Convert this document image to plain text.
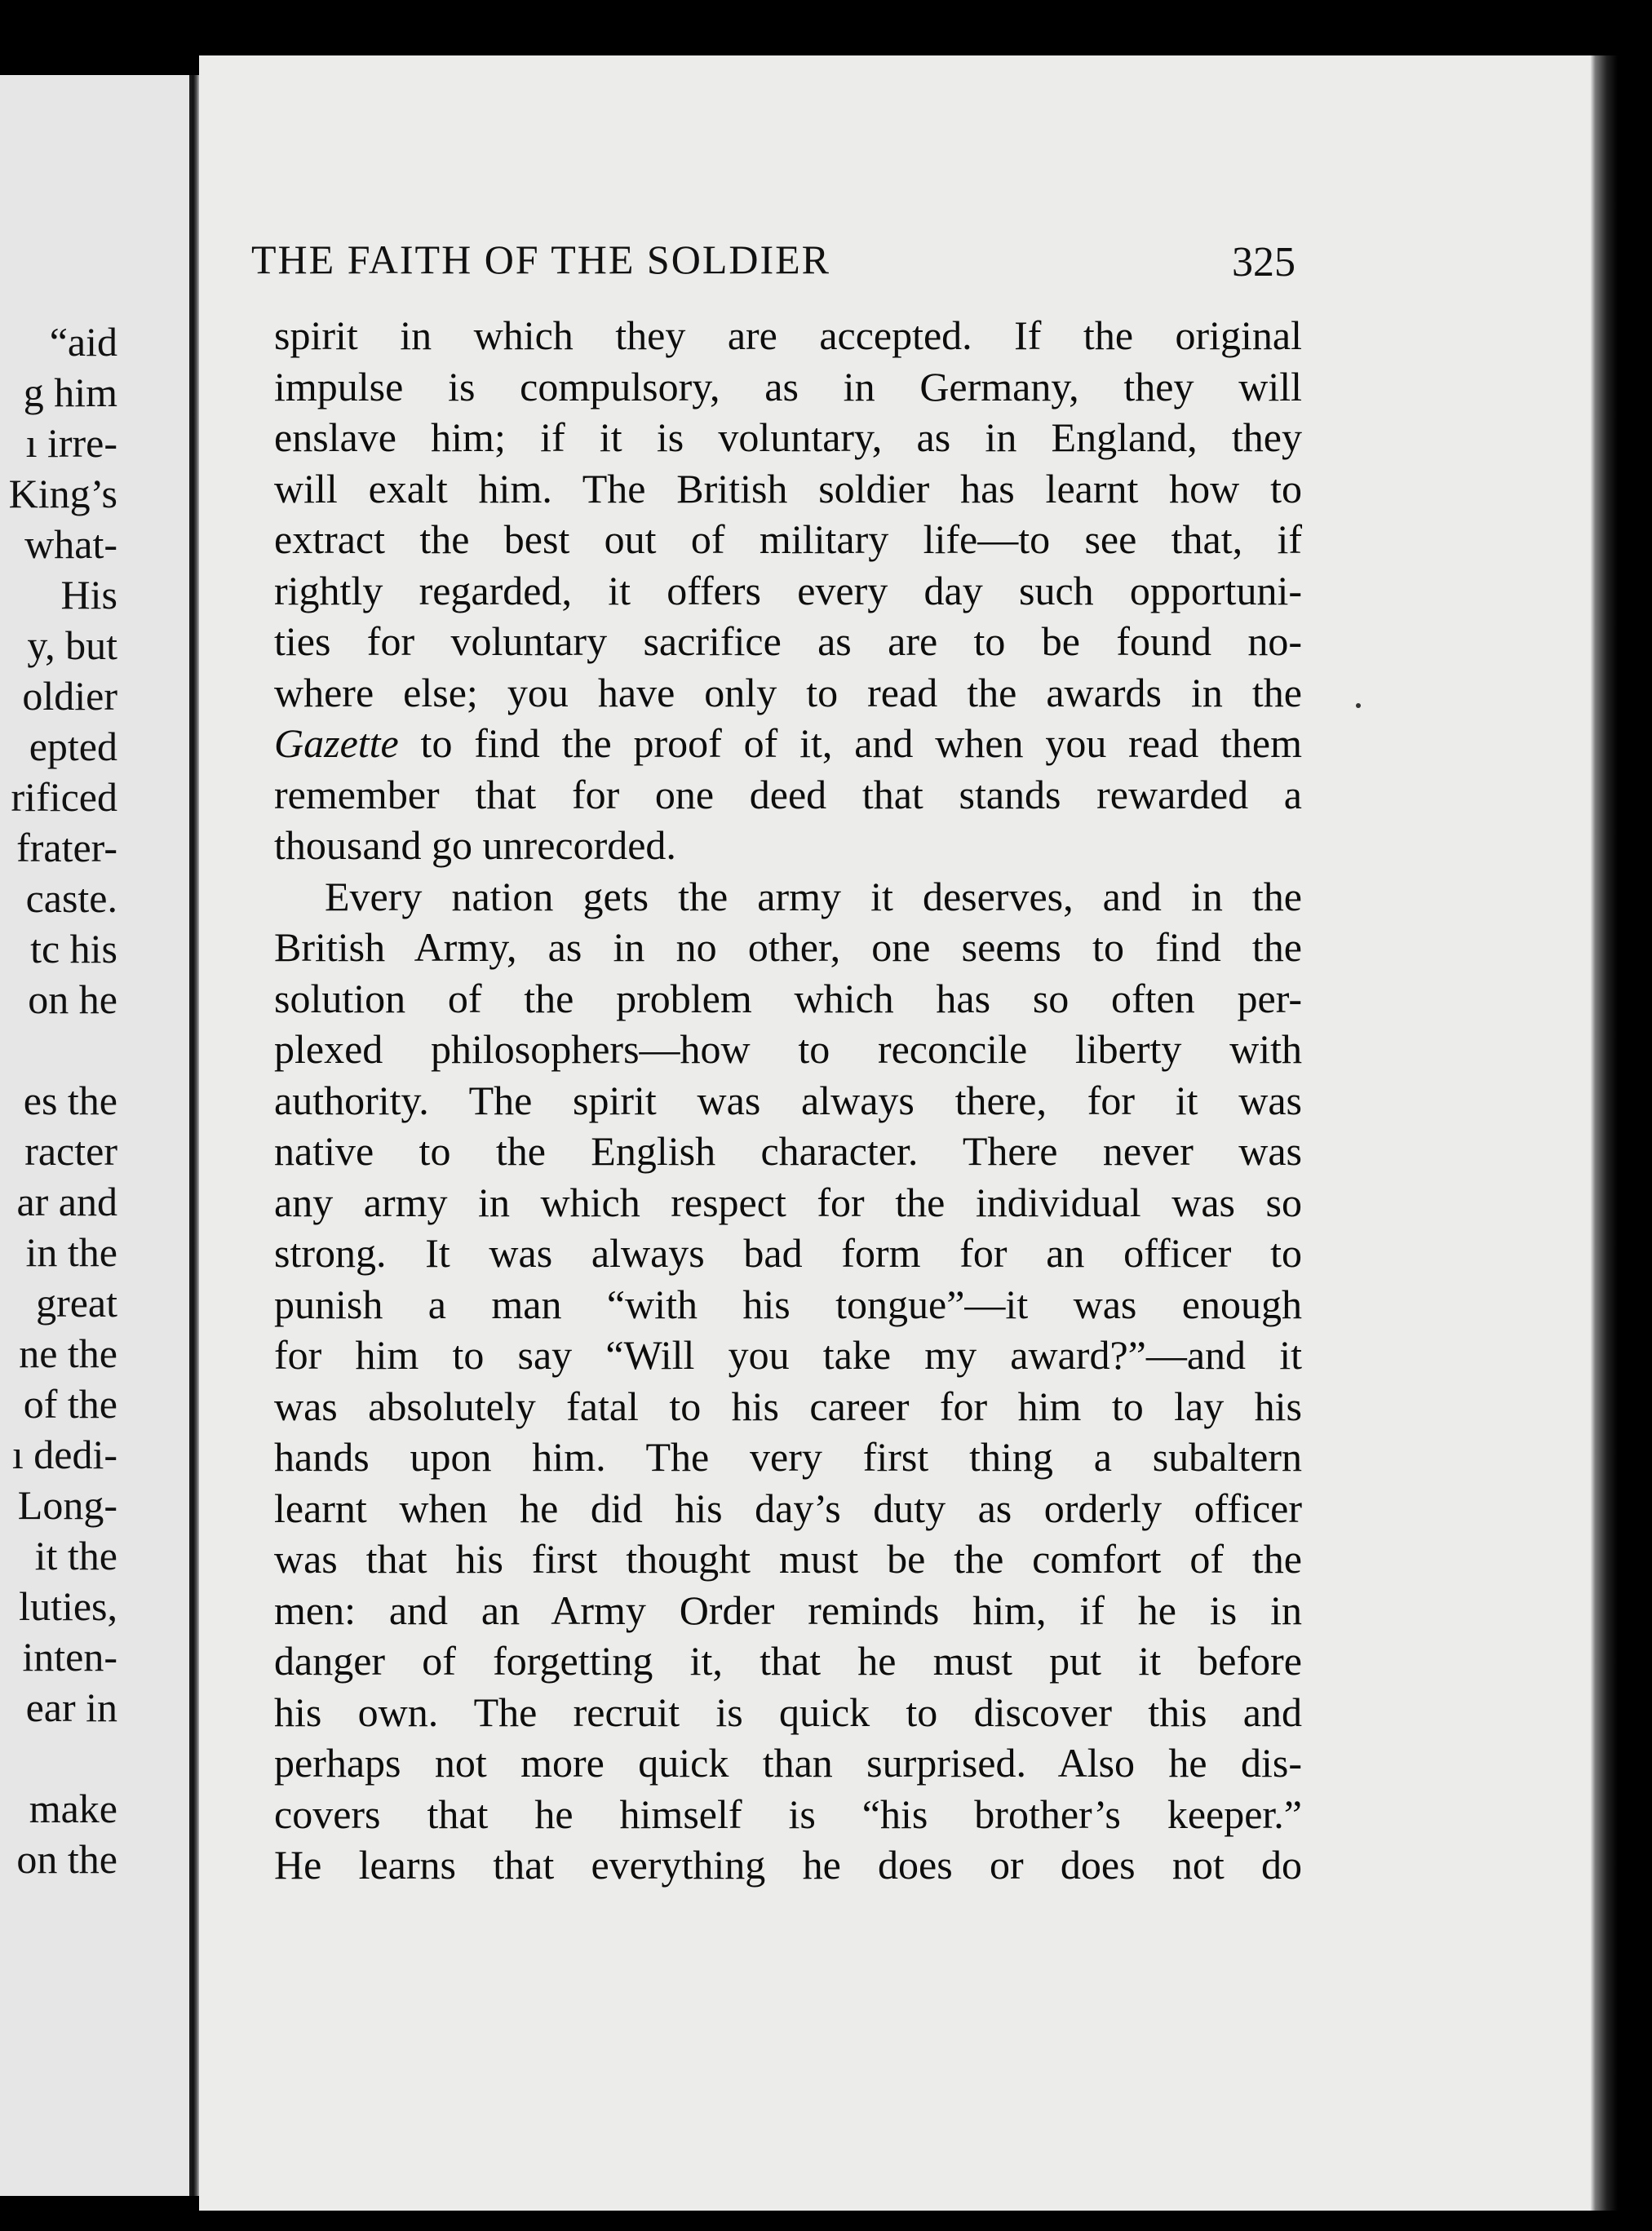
“aid
g him
ı irre-
King’s
what-
His
y, but
oldier
epted
rificed
frater-
caste.
tc his
on he
es the
racter
ar and
in the
great
ne the
of the
ı dedi-
Long-
it the
luties,
inten-
ear in
make
on the
THE FAITH OF THE SOLDIER	325
spirit in which they are accepted. If the original
impulse is compulsory, as in Germany, they will
enslave him; if it is voluntary, as in England, they
will exalt him. The British soldier has learnt how to
extract the best out of military life—to see that, if
rightly regarded, it offers every day such opportuni-
ties for voluntary sacrifice as are to be found no-
where else; you have only to read the awards in the
Gazette to find the proof of it, and when you read them
remember that for one deed that stands rewarded a
thousand go unrecorded.
Every nation gets the army it deserves, and in the
British Army, as in no other, one seems to find the
solution of the problem which has so often per-
plexed philosophers—how to reconcile liberty with
authority. The spirit was always there, for it was
native to the English character. There never was
any army in which respect for the individual was so
strong. It was always bad form for an officer to
punish a man “with his tongue”—it was enough
for him to say “Will you take my award?”—and it
was absolutely fatal to his career for him to lay his
hands upon him. The very first thing a subaltern
learnt when he did his day’s duty as orderly officer
was that his first thought must be the comfort of the
men: and an Army Order reminds him, if he is in
danger of forgetting it, that he must put it before
his own. The recruit is quick to discover this and
perhaps not more quick than surprised. Also he dis-
covers that he himself is “his brother’s keeper.”
He learns that everything he does or does not do
